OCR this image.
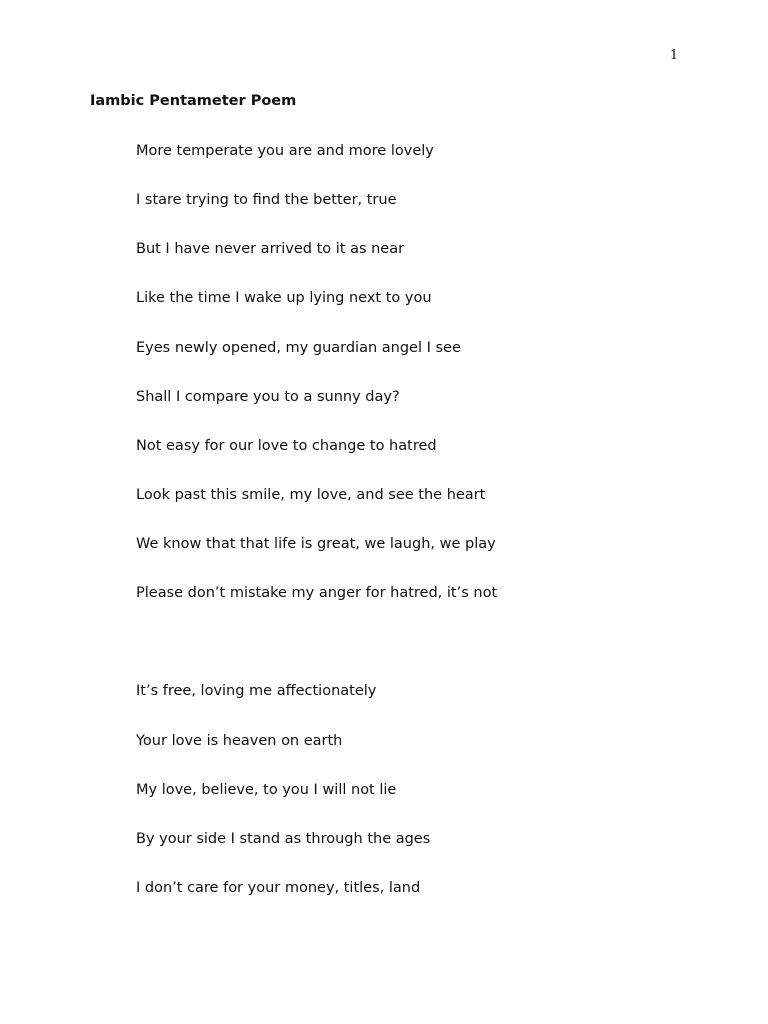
1
Iambic Pentameter Poem
More temperate you are and more lovely
I stare trying to find the better, true
But I have never arrived to it as near
Like the time I wake up lying next to you
Eyes newly opened, my guardian angel I see
Shall I compare you to a sunny day?
Not easy for our love to change to hatred
Look past this smile, my love, and see the heart
We know that that life is great, we laugh, we play
Please don’t mistake my anger for hatred, it’s not
It’s free, loving me affectionately
Your love is heaven on earth
My love, believe, to you I will not lie
By your side I stand as through the ages
I don’t care for your money, titles, land
